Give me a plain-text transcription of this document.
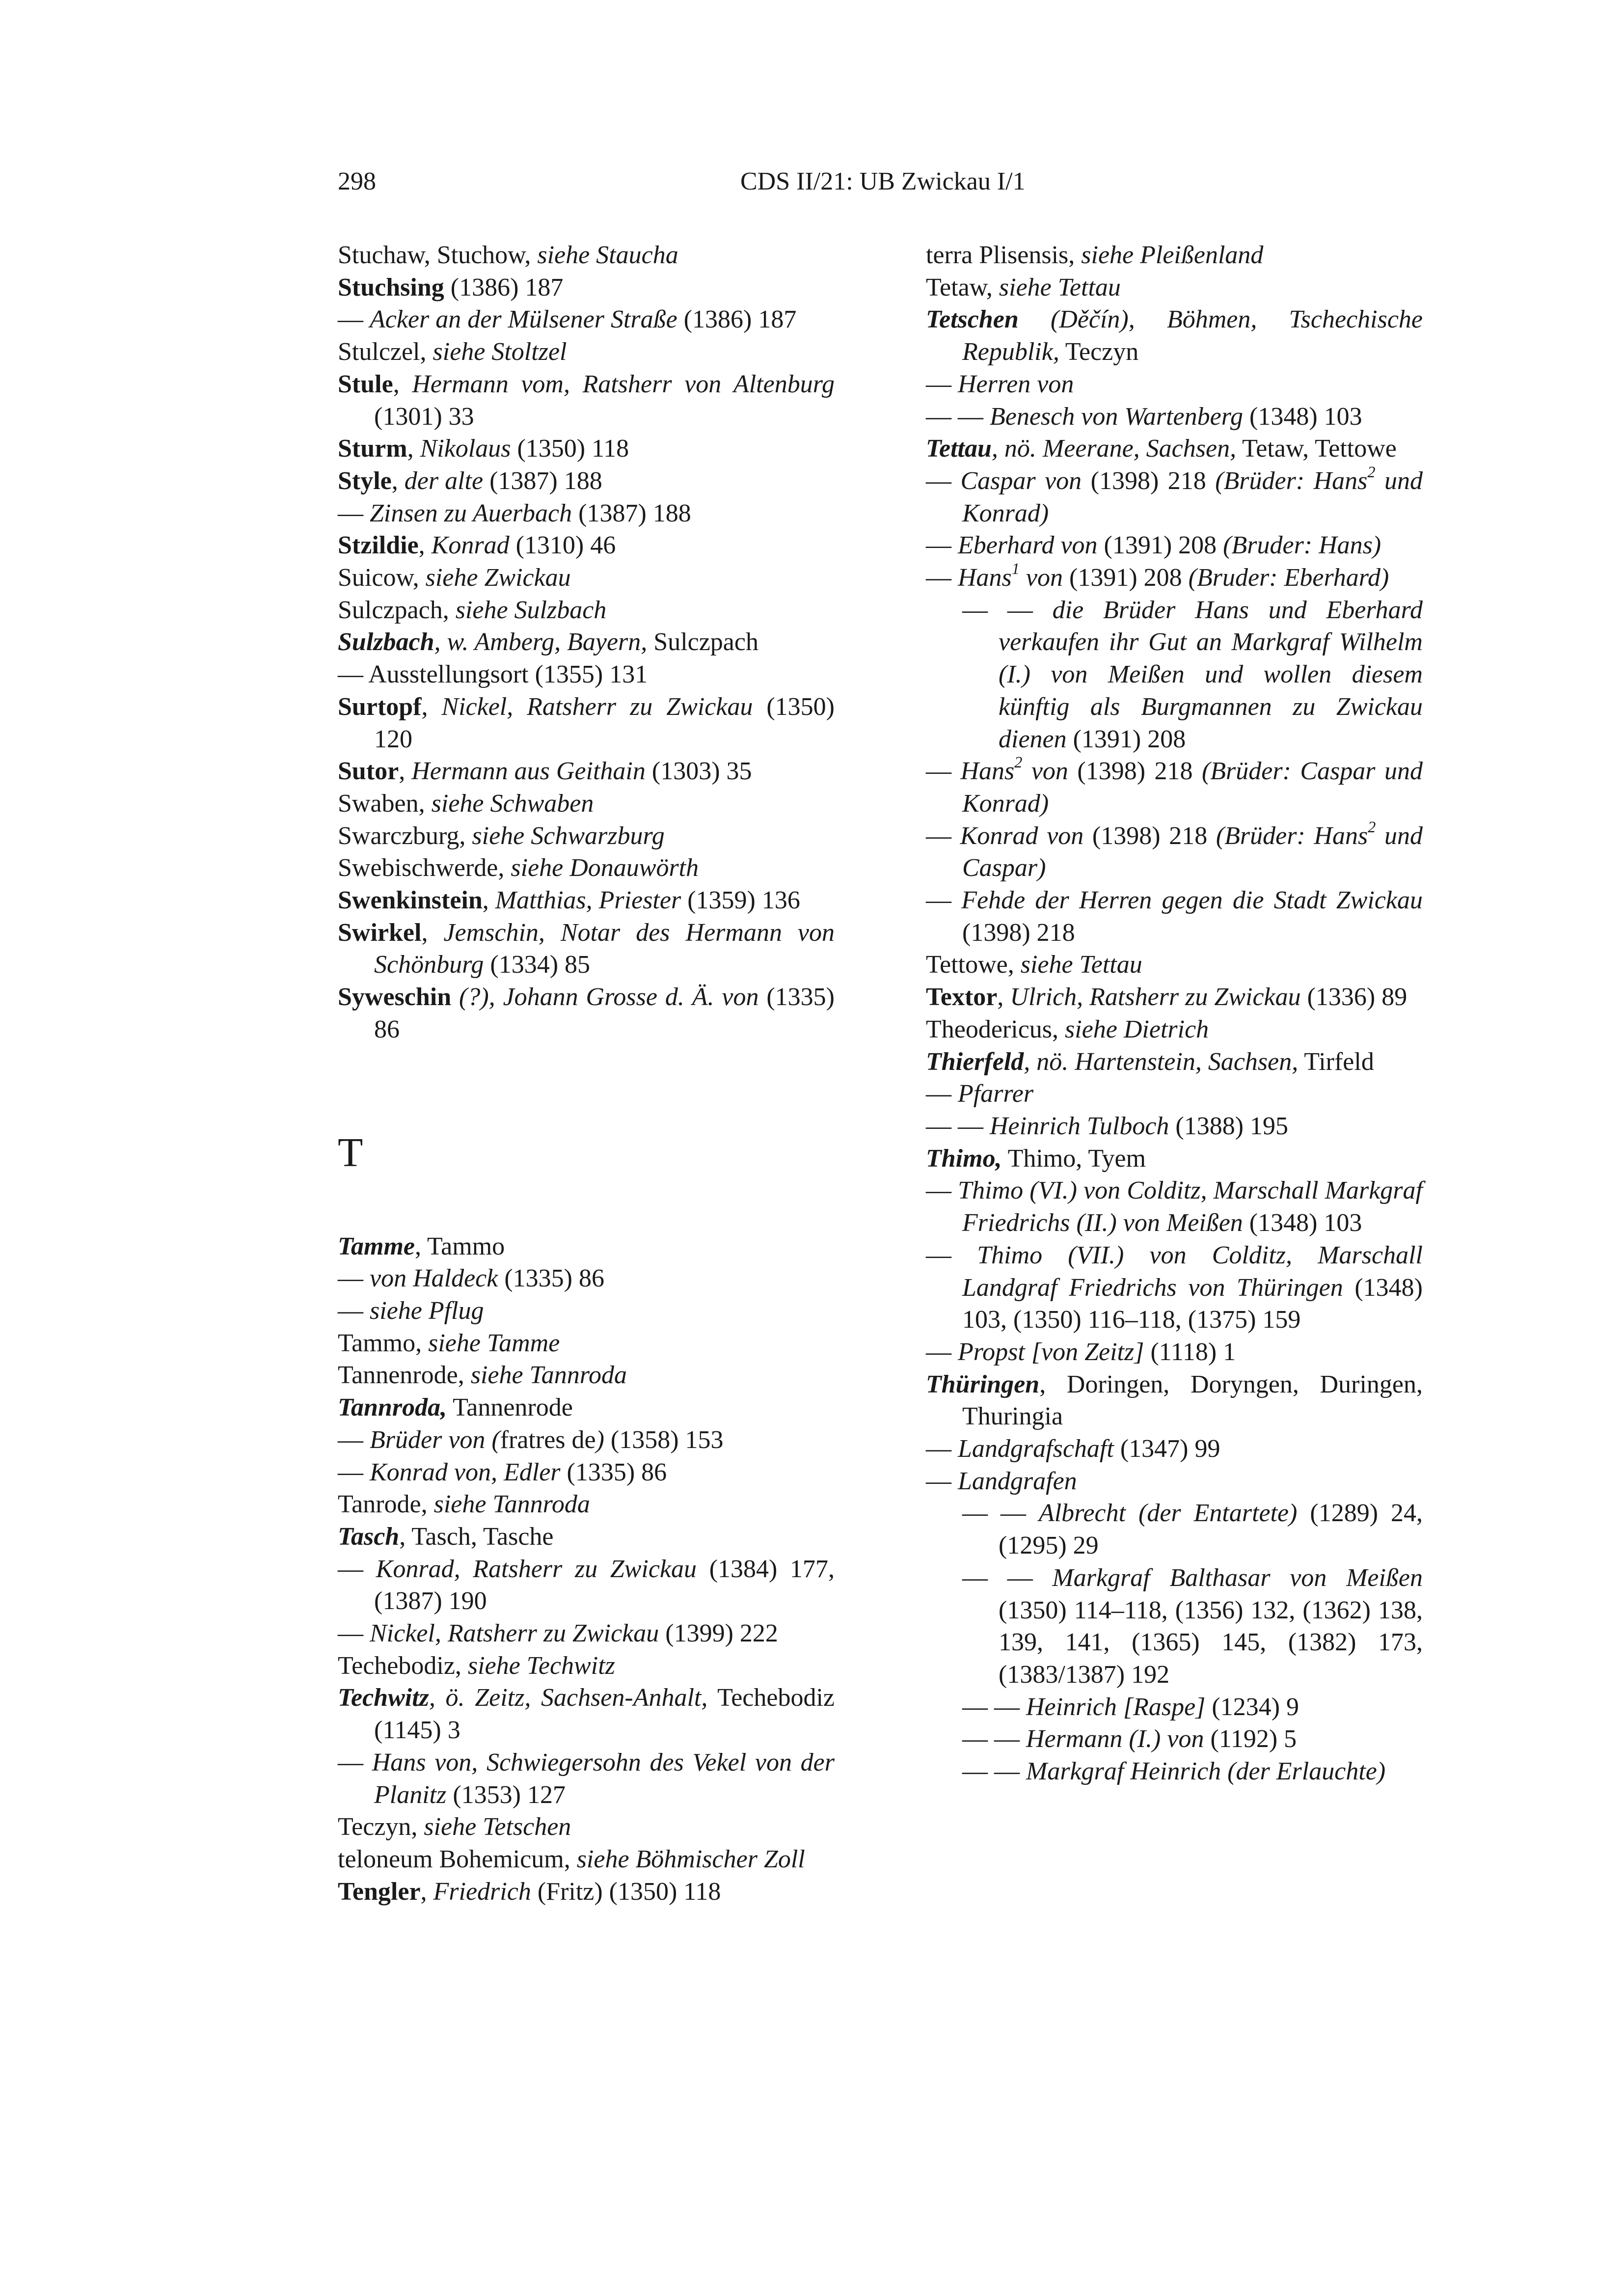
298	CDS II/21: UB Zwickau I/1

Stuchaw, Stuchow, siehe Staucha

Stuchsing (1386) 187

— Acker an der Mülsener Straße (1386) 187

Stulczel, siehe Stoltzel

Stule, Hermann vom, Ratsherr von Altenburg (1301) 33

Sturm, Nikolaus (1350) 118

Style, der alte (1387) 188

— Zinsen zu Auerbach (1387) 188

Stzildie, Konrad (1310) 46

Suicow, siehe Zwickau

Sulczpach, siehe Sulzbach

Sulzbach, w. Amberg, Bayern, Sulczpach

— Ausstellungsort (1355) 131

Surtopf, Nickel, Ratsherr zu Zwickau (1350) 120

Sutor, Hermann aus Geithain (1303) 35

Swaben, siehe Schwaben

Swarczburg, siehe Schwarzburg

Swebischwerde, siehe Donauwörth

Swenkinstein, Matthias, Priester (1359) 136

Swirkel, Jemschin, Notar des Hermann von Schönburg (1334) 85

Syweschin (?), Johann Grosse d. Ä. von (1335) 86

T

Tamme, Tammo

— von Haldeck (1335) 86

— siehe Pflug

Tammo, siehe Tamme

Tannenrode, siehe Tannroda

Tannroda, Tannenrode

— Brüder von (fratres de) (1358) 153

— Konrad von, Edler (1335) 86

Tanrode, siehe Tannroda

Tasch, Tasch, Tasche

— Konrad, Ratsherr zu Zwickau (1384) 177, (1387) 190

— Nickel, Ratsherr zu Zwickau (1399) 222

Techebodiz, siehe Techwitz

Techwitz, ö. Zeitz, Sachsen-Anhalt, Techebodiz (1145) 3

— Hans von, Schwiegersohn des Vekel von der Planitz (1353) 127

Teczyn, siehe Tetschen

teloneum Bohemicum, siehe Böhmischer Zoll

Tengler, Friedrich (Fritz) (1350) 118

terra Plisensis, siehe Pleißenland

Tetaw, siehe Tettau

Tetschen (Děčín), Böhmen, Tschechische Republik, Teczyn

— Herren von

— — Benesch von Wartenberg (1348) 103

Tettau, nö. Meerane, Sachsen, Tetaw, Tettowe

— Caspar von (1398) 218 (Brüder: Hans$^2$ und Konrad)

— Eberhard von (1391) 208 (Bruder: Hans)

— Hans$^1$ von (1391) 208 (Bruder: Eberhard)

— — die Brüder Hans und Eberhard verkaufen ihr Gut an Markgraf Wilhelm (I.) von Meißen und wollen diesem künftig als Burgmannen zu Zwickau dienen (1391) 208

— Hans$^2$ von (1398) 218 (Brüder: Caspar und Konrad)

— Konrad von (1398) 218 (Brüder: Hans$^2$ und Caspar)

— Fehde der Herren gegen die Stadt Zwickau (1398) 218

Tettowe, siehe Tettau

Textor, Ulrich, Ratsherr zu Zwickau (1336) 89

Theodericus, siehe Dietrich

Thierfeld, nö. Hartenstein, Sachsen, Tirfeld

— Pfarrer

— — Heinrich Tulboch (1388) 195

Thimo, Thimo, Tyem

— Thimo (VI.) von Colditz, Marschall Markgraf Friedrichs (II.) von Meißen (1348) 103

— Thimo (VII.) von Colditz, Marschall Landgraf Friedrichs von Thüringen (1348) 103, (1350) 116–118, (1375) 159

— Propst [von Zeitz] (1118) 1

Thüringen, Doringen, Doryngen, Duringen, Thuringia

— Landgrafschaft (1347) 99

— Landgrafen

— — Albrecht (der Entartete) (1289) 24, (1295) 29

— — Markgraf Balthasar von Meißen (1350) 114–118, (1356) 132, (1362) 138, 139, 141, (1365) 145, (1382) 173, (1383/1387) 192

— — Heinrich [Raspe] (1234) 9

— — Hermann (I.) von (1192) 5

— — Markgraf Heinrich (der Erlauchte)
